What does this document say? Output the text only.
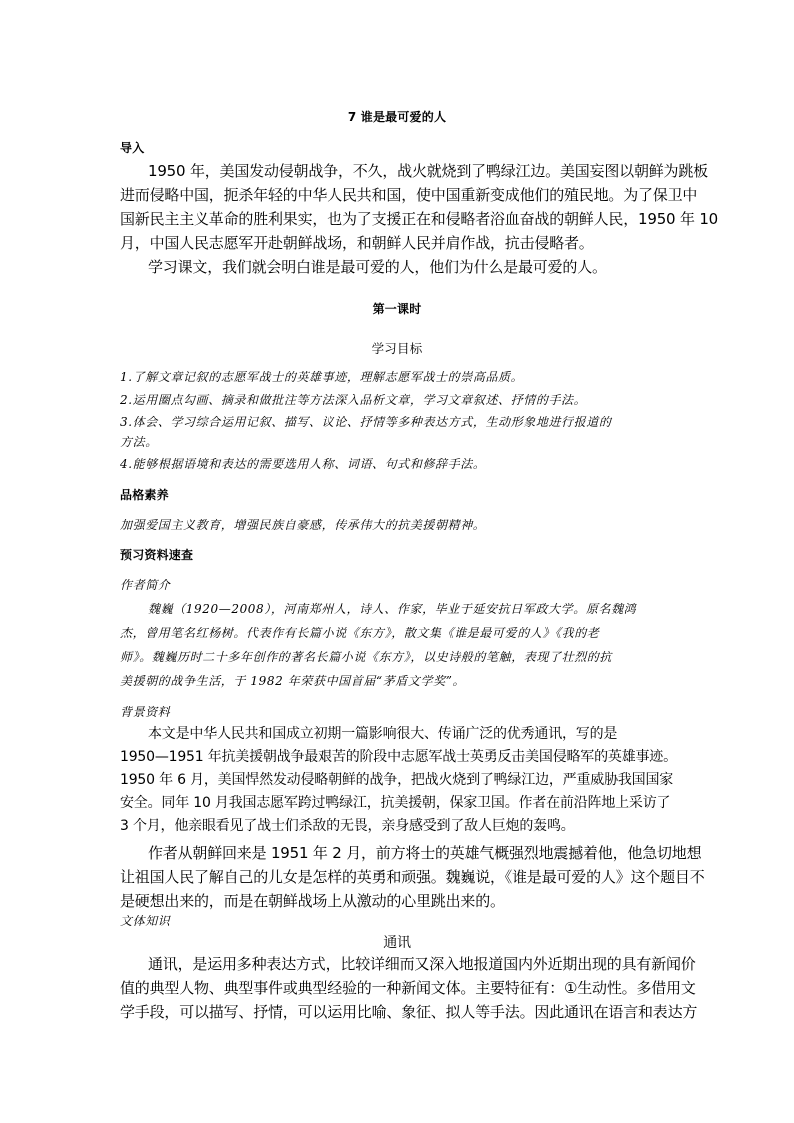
7 谁是最可爱的人
导入
1950 年，美国发动侵朝战争，不久，战火就烧到了鸭绿江边。美国妄图以朝鲜为跳板
进而侵略中国，扼杀年轻的中华人民共和国，使中国重新变成他们的殖民地。为了保卫中
国新民主主义革命的胜利果实，也为了支援正在和侵略者浴血奋战的朝鲜人民，1950 年 10
月，中国人民志愿军开赴朝鲜战场，和朝鲜人民并肩作战，抗击侵略者。
学习课文，我们就会明白谁是最可爱的人，他们为什么是最可爱的人。
第一课时
学习目标
1.了解文章记叙的志愿军战士的英雄事迹，理解志愿军战士的崇高品质。
2.运用圈点勾画、摘录和做批注等方法深入品析文章，学习文章叙述、抒情的手法。
3.体会、学习综合运用记叙、描写、议论、抒情等多种表达方式，生动形象地进行报道的
方法。
4.能够根据语境和表达的需要选用人称、词语、句式和修辞手法。
品格素养
加强爱国主义教育，增强民族自豪感，传承伟大的抗美援朝精神。
预习资料速查
作者简介
魏巍（1920—2008），河南郑州人，诗人、作家，毕业于延安抗日军政大学。原名魏鸿
杰，曾用笔名红杨树。代表作有长篇小说《东方》，散文集《谁是最可爱的人》《我的老
师》。魏巍历时二十多年创作的著名长篇小说《东方》，以史诗般的笔触，表现了壮烈的抗
美援朝的战争生活，于 1982 年荣获中国首届“茅盾文学奖”。
背景资料
本文是中华人民共和国成立初期一篇影响很大、传诵广泛的优秀通讯，写的是
1950—1951 年抗美援朝战争最艰苦的阶段中志愿军战士英勇反击美国侵略军的英雄事迹。
1950 年 6 月，美国悍然发动侵略朝鲜的战争，把战火烧到了鸭绿江边，严重威胁我国国家
安全。同年 10 月我国志愿军跨过鸭绿江，抗美援朝，保家卫国。作者在前沿阵地上采访了
3 个月，他亲眼看见了战士们杀敌的无畏，亲身感受到了敌人巨炮的轰鸣。
作者从朝鲜回来是 1951 年 2 月，前方将士的英雄气概强烈地震撼着他，他急切地想
让祖国人民了解自己的儿女是怎样的英勇和顽强。魏巍说，《谁是最可爱的人》这个题目不
是硬想出来的，而是在朝鲜战场上从激动的心里跳出来的。
文体知识
通讯
通讯，是运用多种表达方式，比较详细而又深入地报道国内外近期出现的具有新闻价
值的典型人物、典型事件或典型经验的一种新闻文体。主要特征有：①生动性。多借用文
学手段，可以描写、抒情，可以运用比喻、象征、拟人等手法。因此通讯在语言和表达方
